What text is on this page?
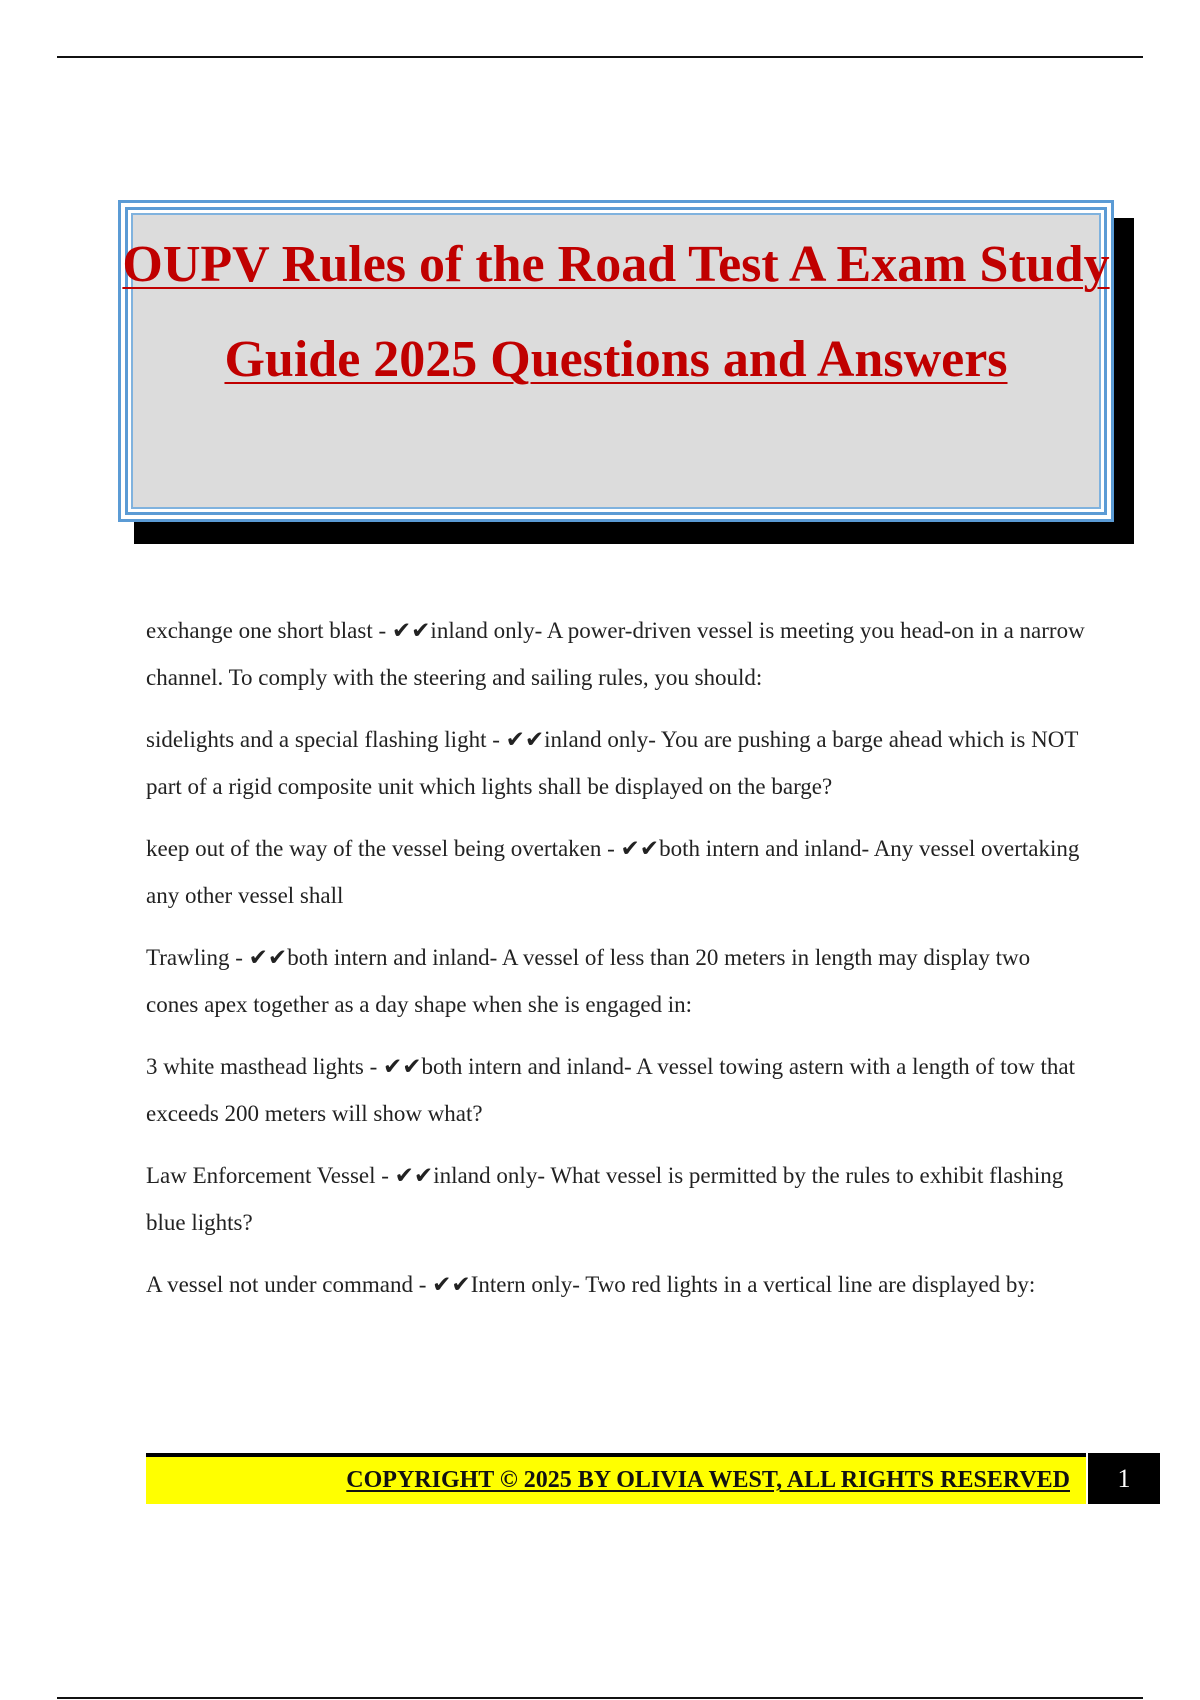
OUPV Rules of the Road Test A Exam Study Guide 2025 Questions and Answers
exchange one short blast - ✔✔inland only- A power-driven vessel is meeting you head-on in a narrow channel. To comply with the steering and sailing rules, you should:
sidelights and a special flashing light - ✔✔inland only- You are pushing a barge ahead which is NOT part of a rigid composite unit which lights shall be displayed on the barge?
keep out of the way of the vessel being overtaken - ✔✔both intern and inland- Any vessel overtaking any other vessel shall
Trawling - ✔✔both intern and inland- A vessel of less than 20 meters in length may display two cones apex together as a day shape when she is engaged in:
3 white masthead lights - ✔✔both intern and inland- A vessel towing astern with a length of tow that exceeds 200 meters will show what?
Law Enforcement Vessel - ✔✔inland only- What vessel is permitted by the rules to exhibit flashing blue lights?
A vessel not under command - ✔✔Intern only- Two red lights in a vertical line are displayed by:
COPYRIGHT © 2025 BY OLIVIA WEST, ALL RIGHTS RESERVED	1
